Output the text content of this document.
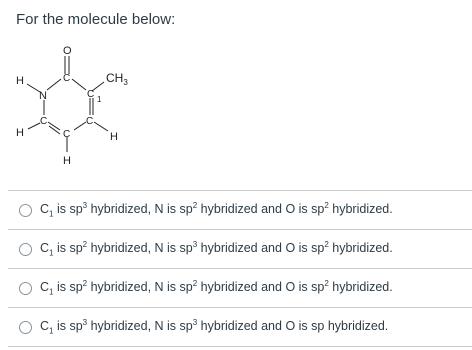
For the molecule below:
O
C	$CH_3$
C 1
H
N
C	C
H	H
C
H
$C_1$ is $sp^3$ hybridized, N is $sp^2$ hybridized and O is $sp^2$ hybridized.
$C_1$ is $sp^2$ hybridized, N is $sp^3$ hybridized and O is $sp^2$ hybridized.
$C_1$ is $sp^2$ hybridized, N is $sp^2$ hybridized and O is $sp^2$ hybridized.
$C_1$ is $sp^3$ hybridized, N is $sp^3$ hybridized and O is sp hybridized.
